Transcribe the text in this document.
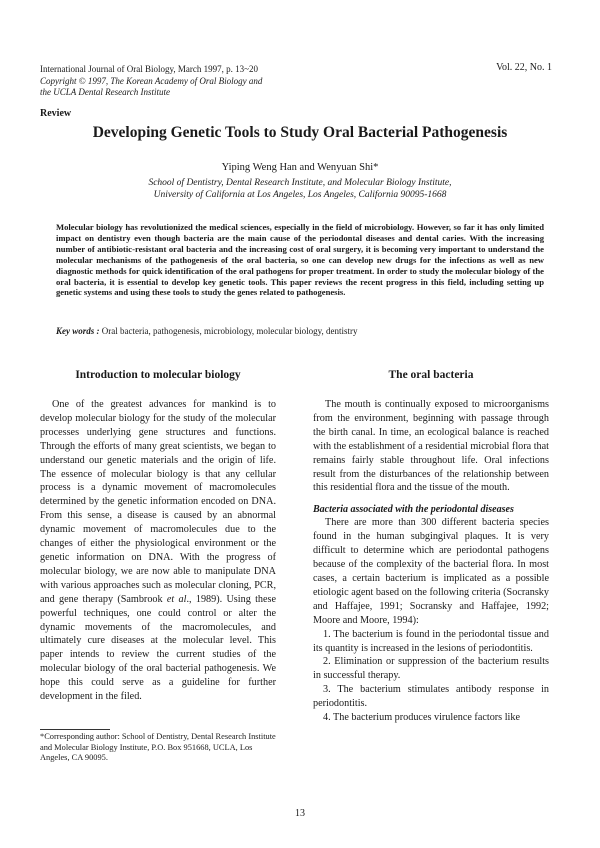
International Journal of Oral Biology, March 1997, p. 13~20
Copyright © 1997, The Korean Academy of Oral Biology and
the UCLA Dental Research Institute
Vol. 22, No. 1
Review
Developing Genetic Tools to Study Oral Bacterial Pathogenesis
Yiping Weng Han and Wenyuan Shi*
School of Dentistry, Dental Research Institute, and Molecular Biology Institute,
University of California at Los Angeles, Los Angeles, California 90095-1668

Molecular biology has revolutionized the medical sciences, especially in the field of microbiology. However, so far it has only limited impact on dentistry even though bacteria are the main cause of the periodontal diseases and dental caries. With the increasing number of antibiotic-resistant oral bacteria and the increasing cost of oral surgery, it is becoming very important to understand the molecular mechanisms of the pathogenesis of the oral bacteria, so one can develop new drugs for the infections as well as new diagnostic methods for quick identification of the oral pathogens for proper treatment. In order to study the molecular biology of the oral bacteria, it is essential to develop key genetic tools. This paper reviews the recent progress in this field, including setting up genetic systems and using these tools to study the genes related to pathogenesis.

Key words : Oral bacteria, pathogenesis, microbiology, molecular biology, dentistry
Introduction to molecular biology

One of the greatest advances for mankind is to develop molecular biology for the study of the molecular processes underlying gene structures and functions. Through the efforts of many great scientists, we began to understand our genetic materials and the origin of life. The essence of molecular biology is that any cellular process is a dynamic movement of macromolecules determined by the genetic information encoded on DNA. From this sense, a disease is caused by an abnormal dynamic movement of macromolecules due to the changes of either the physiological environment or the genetic information on DNA. With the progress of molecular biology, we are now able to manipulate DNA with various approaches such as molecular cloning, PCR, and gene therapy (Sambrook et al., 1989). Using these powerful techniques, one could control or alter the dynamic movements of the macromolecules, and ultimately cure diseases at the molecular level. This paper intends to review the current studies of the molecular biology of the oral bacterial pathogenesis. We hope this could serve as a guideline for further development in the filed.

*Corresponding author: School of Dentistry, Dental Research Institute and Molecular Biology Institute, P.O. Box 951668, UCLA, Los Angeles, CA 90095.
The oral bacteria

The mouth is continually exposed to microorganisms from the environment, beginning with passage through the birth canal. In time, an ecological balance is reached with the establishment of a residential microbial flora that remains fairly stable throughout life. Oral infections result from the disturbances of the relationship between this residential flora and the tissue of the mouth.

Bacteria associated with the periodontal diseases

There are more than 300 different bacteria species found in the human subgingival plaques. It is very difficult to determine which are periodontal pathogens because of the complexity of the bacterial flora. In most cases, a certain bacterium is implicated as a possible etiologic agent based on the following criteria (Socransky and Haffajee, 1991; Socransky and Haffajee, 1992; Moore and Moore, 1994):

1. The bacterium is found in the periodontal tissue and its quantity is increased in the lesions of periodontitis.
2. Elimination or suppression of the bacterium results in successful therapy.
3. The bacterium stimulates antibody response in periodontitis.
4. The bacterium produces virulence factors like
13
